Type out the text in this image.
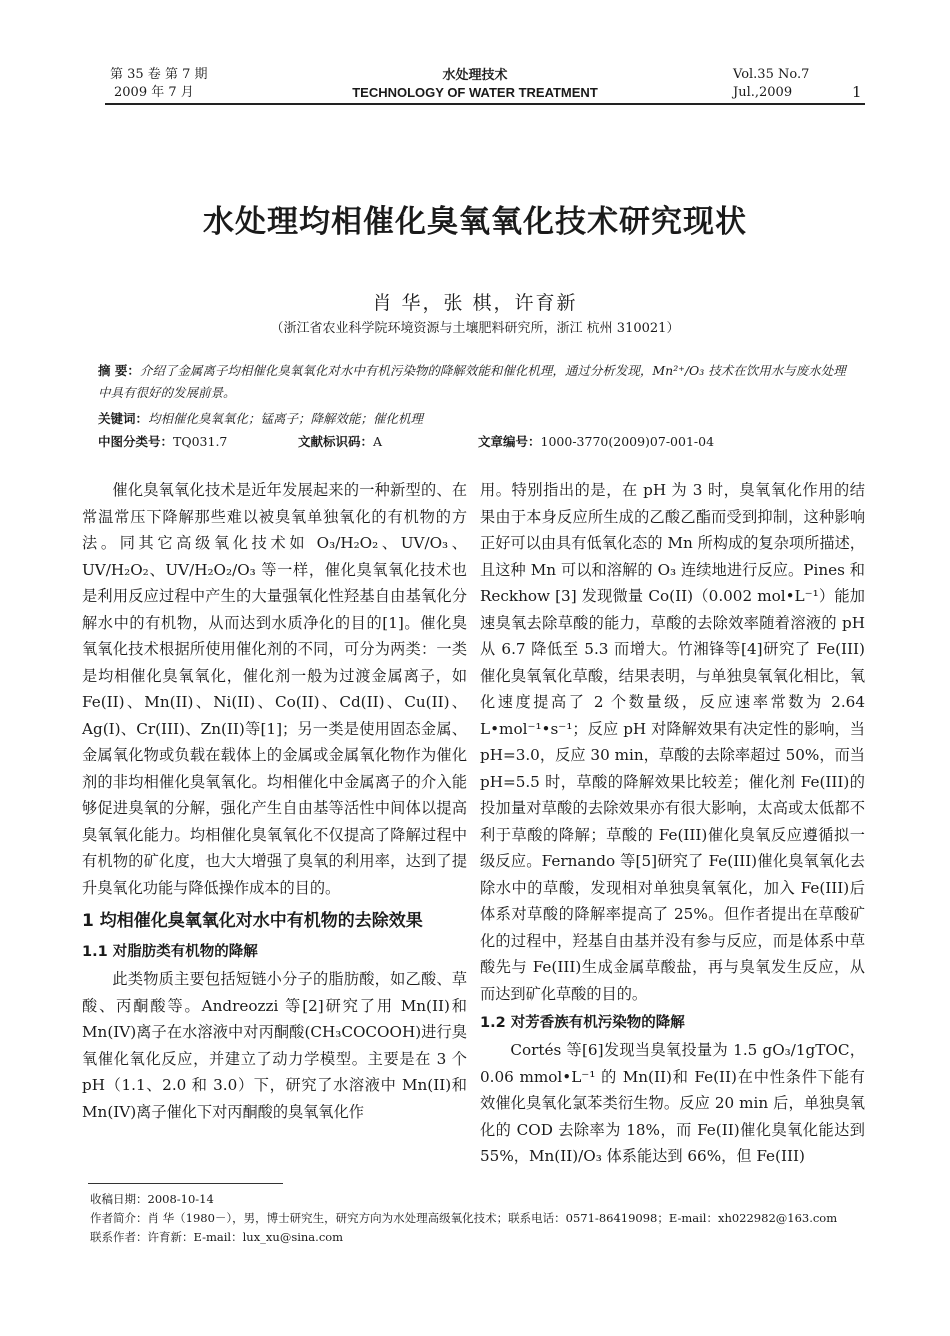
第 35 卷 第 7 期
2009 年 7 月
水处理技术
TECHNOLOGY OF WATER TREATMENT
Vol.35 No.7
Jul.,2009	1
水处理均相催化臭氧氧化技术研究现状
肖 华，张 棋，许育新
（浙江省农业科学院环境资源与土壤肥料研究所，浙江 杭州 310021）
摘 要：介绍了金属离子均相催化臭氧氧化对水中有机污染物的降解效能和催化机理，通过分析发现，Mn²⁺/O₃ 技术在饮用水与废水处理中具有很好的发展前景。
关键词：均相催化臭氧氧化；锰离子；降解效能；催化机理
中图分类号：TQ031.7	文献标识码：A	文章编号：1000-3770(2009)07-001-04

催化臭氧氧化技术是近年发展起来的一种新型的、在常温常压下降解那些难以被臭氧单独氧化的有机物的方法。同其它高级氧化技术如 O₃/H₂O₂、UV/O₃、UV/H₂O₂、UV/H₂O₂/O₃ 等一样，催化臭氧氧化技术也是利用反应过程中产生的大量强氧化性羟基自由基氧化分解水中的有机物，从而达到水质净化的目的[1]。催化臭氧氧化技术根据所使用催化剂的不同，可分为两类：一类是均相催化臭氧氧化，催化剂一般为过渡金属离子，如 Fe(II)、Mn(II)、Ni(II)、Co(II)、Cd(II)、Cu(II)、Ag(I)、Cr(III)、Zn(II)等[1]；另一类是使用固态金属、金属氧化物或负载在载体上的金属或金属氧化物作为催化剂的非均相催化臭氧氧化。均相催化中金属离子的介入能够促进臭氧的分解，强化产生自由基等活性中间体以提高臭氧氧化能力。均相催化臭氧氧化不仅提高了降解过程中有机物的矿化度，也大大增强了臭氧的利用率，达到了提升臭氧化功能与降低操作成本的目的。

1 均相催化臭氧氧化对水中有机物的去除效果
1.1 对脂肪类有机物的降解

此类物质主要包括短链小分子的脂肪酸，如乙酸、草酸、丙酮酸等。Andreozzi 等[2]研究了用 Mn(II)和 Mn(IV)离子在水溶液中对丙酮酸(CH₃COCOOH)进行臭氧催化氧化反应，并建立了动力学模型。主要是在 3 个 pH（1.1、2.0 和 3.0）下，研究了水溶液中 Mn(II)和 Mn(IV)离子催化下对丙酮酸的臭氧氧化作

用。特别指出的是，在 pH 为 3 时，臭氧氧化作用的结果由于本身反应所生成的乙酸乙酯而受到抑制，这种影响正好可以由具有低氧化态的 Mn 所构成的复杂项所描述，且这种 Mn 可以和溶解的 O₃ 连续地进行反应。Pines 和 Reckhow [3] 发现微量 Co(II)（0.002 mol•L⁻¹）能加速臭氧去除草酸的能力，草酸的去除效率随着溶液的 pH 从 6.7 降低至 5.3 而增大。竹湘锋等[4]研究了 Fe(III)催化臭氧氧化草酸，结果表明，与单独臭氧氧化相比，氧化速度提高了 2 个数量级，反应速率常数为 2.64 L•mol⁻¹•s⁻¹；反应 pH 对降解效果有决定性的影响，当 pH=3.0，反应 30 min，草酸的去除率超过 50%，而当 pH=5.5 时，草酸的降解效果比较差；催化剂 Fe(III)的投加量对草酸的去除效果亦有很大影响，太高或太低都不利于草酸的降解；草酸的 Fe(III)催化臭氧反应遵循拟一级反应。Fernando 等[5]研究了 Fe(III)催化臭氧氧化去除水中的草酸，发现相对单独臭氧氧化，加入 Fe(III)后体系对草酸的降解率提高了 25%。但作者提出在草酸矿化的过程中，羟基自由基并没有参与反应，而是体系中草酸先与 Fe(III)生成金属草酸盐，再与臭氧发生反应，从而达到矿化草酸的目的。

1.2 对芳香族有机污染物的降解

Cortés 等[6]发现当臭氧投量为 1.5 gO₃/1gTOC，0.06 mmol•L⁻¹ 的 Mn(II)和 Fe(II)在中性条件下能有效催化臭氧化氯苯类衍生物。反应 20 min 后，单独臭氧化的 COD 去除率为 18%，而 Fe(II)催化臭氧化能达到 55%，Mn(II)/O₃ 体系能达到 66%，但 Fe(III)

收稿日期：2008-10-14
作者简介：肖 华（1980－），男，博士研究生，研究方向为水处理高级氧化技术；联系电话：0571-86419098；E-mail：xh022982@163.com
联系作者：许育新：E-mail：lux_xu@sina.com
